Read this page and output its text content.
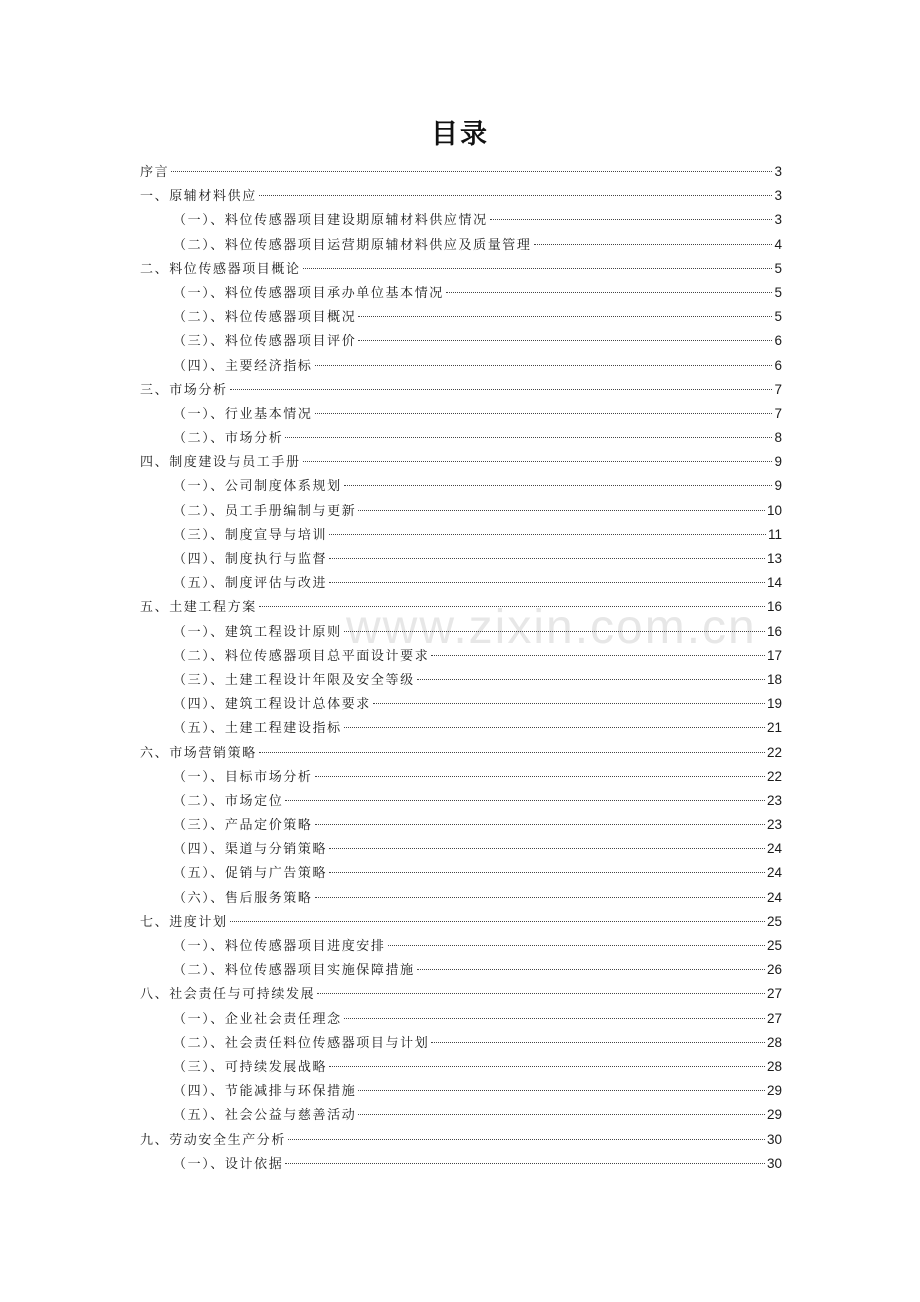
www.zixin.com.cn
目录
序言	3
一、原辅材料供应	3
（一）、料位传感器项目建设期原辅材料供应情况	3
（二）、料位传感器项目运营期原辅材料供应及质量管理	4
二、料位传感器项目概论	5
（一）、料位传感器项目承办单位基本情况	5
（二）、料位传感器项目概况	5
（三）、料位传感器项目评价	6
（四）、主要经济指标	6
三、市场分析	7
（一）、行业基本情况	7
（二）、市场分析	8
四、制度建设与员工手册	9
（一）、公司制度体系规划	9
（二）、员工手册编制与更新	10
（三）、制度宣导与培训	11
（四）、制度执行与监督	13
（五）、制度评估与改进	14
五、土建工程方案	16
（一）、建筑工程设计原则	16
（二）、料位传感器项目总平面设计要求	17
（三）、土建工程设计年限及安全等级	18
（四）、建筑工程设计总体要求	19
（五）、土建工程建设指标	21
六、市场营销策略	22
（一）、目标市场分析	22
（二）、市场定位	23
（三）、产品定价策略	23
（四）、渠道与分销策略	24
（五）、促销与广告策略	24
（六）、售后服务策略	24
七、进度计划	25
（一）、料位传感器项目进度安排	25
（二）、料位传感器项目实施保障措施	26
八、社会责任与可持续发展	27
（一）、企业社会责任理念	27
（二）、社会责任料位传感器项目与计划	28
（三）、可持续发展战略	28
（四）、节能减排与环保措施	29
（五）、社会公益与慈善活动	29
九、劳动安全生产分析	30
（一）、设计依据	30
